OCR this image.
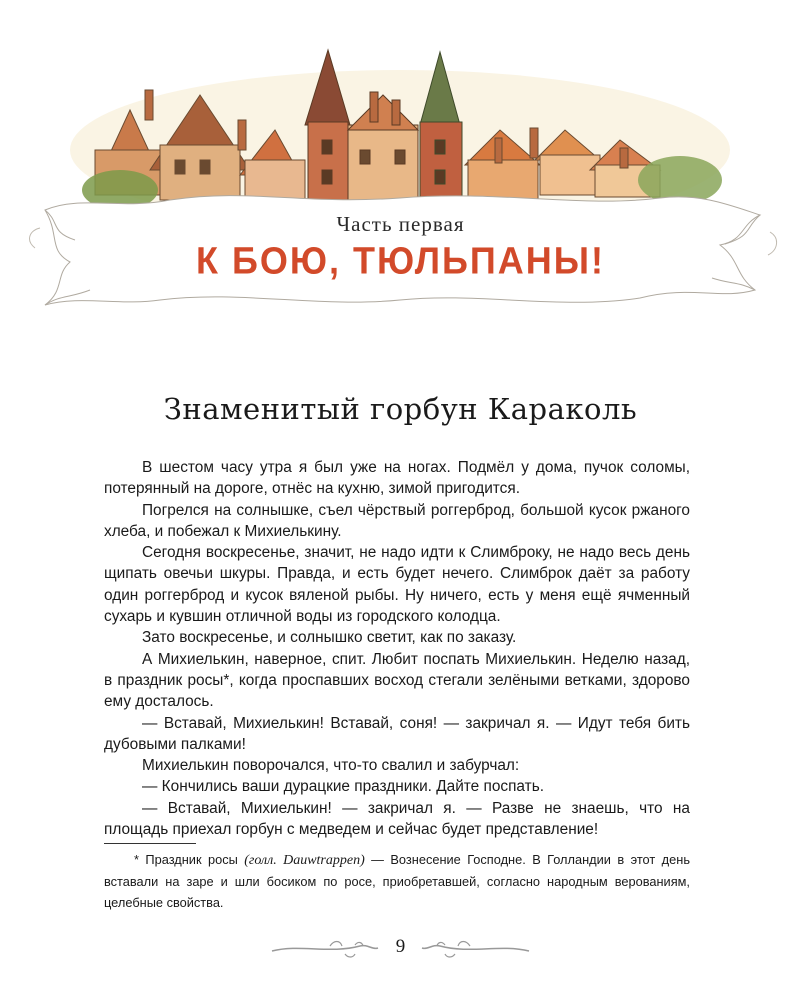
Часть первая
К БОЮ, ТЮЛЬПАНЫ!
Знаменитый горбун Караколь

В шестом часу утра я был уже на ногах. Подмёл у дома, пучок соломы, потерянный на дороге, отнёс на кухню, зимой пригодится.

Погрелся на солнышке, съел чёрствый роггерброд, большой кусок ржаного хлеба, и побежал к Михиелькину.

Сегодня воскресенье, значит, не надо идти к Слимброку, не надо весь день щипать овечьи шкуры. Правда, и есть будет нечего. Слимброк даёт за работу один роггерброд и кусок вяленой рыбы. Ну ничего, есть у меня ещё ячменный сухарь и кувшин отличной воды из городского колодца.

Зато воскресенье, и солнышко светит, как по заказу.

А Михиелькин, наверное, спит. Любит поспать Михиелькин. Неделю назад, в праздник росы*, когда проспавших восход стегали зелёными ветками, здорово ему досталось.

— Вставай, Михиелькин! Вставай, соня! — закричал я. — Идут тебя бить дубовыми палками!

Михиелькин поворочался, что-то свалил и забурчал:

— Кончились ваши дурацкие праздники. Дайте поспать.

— Вставай, Михиелькин! — закричал я. — Разве не знаешь, что на площадь приехал горбун с медведем и сейчас будет представление!

* Праздник росы (голл. Dauwtrappen) — Вознесение Господне. В Голландии в этот день вставали на заре и шли босиком по росе, приобретавшей, согласно народным верованиям, целебные свойства.

9
